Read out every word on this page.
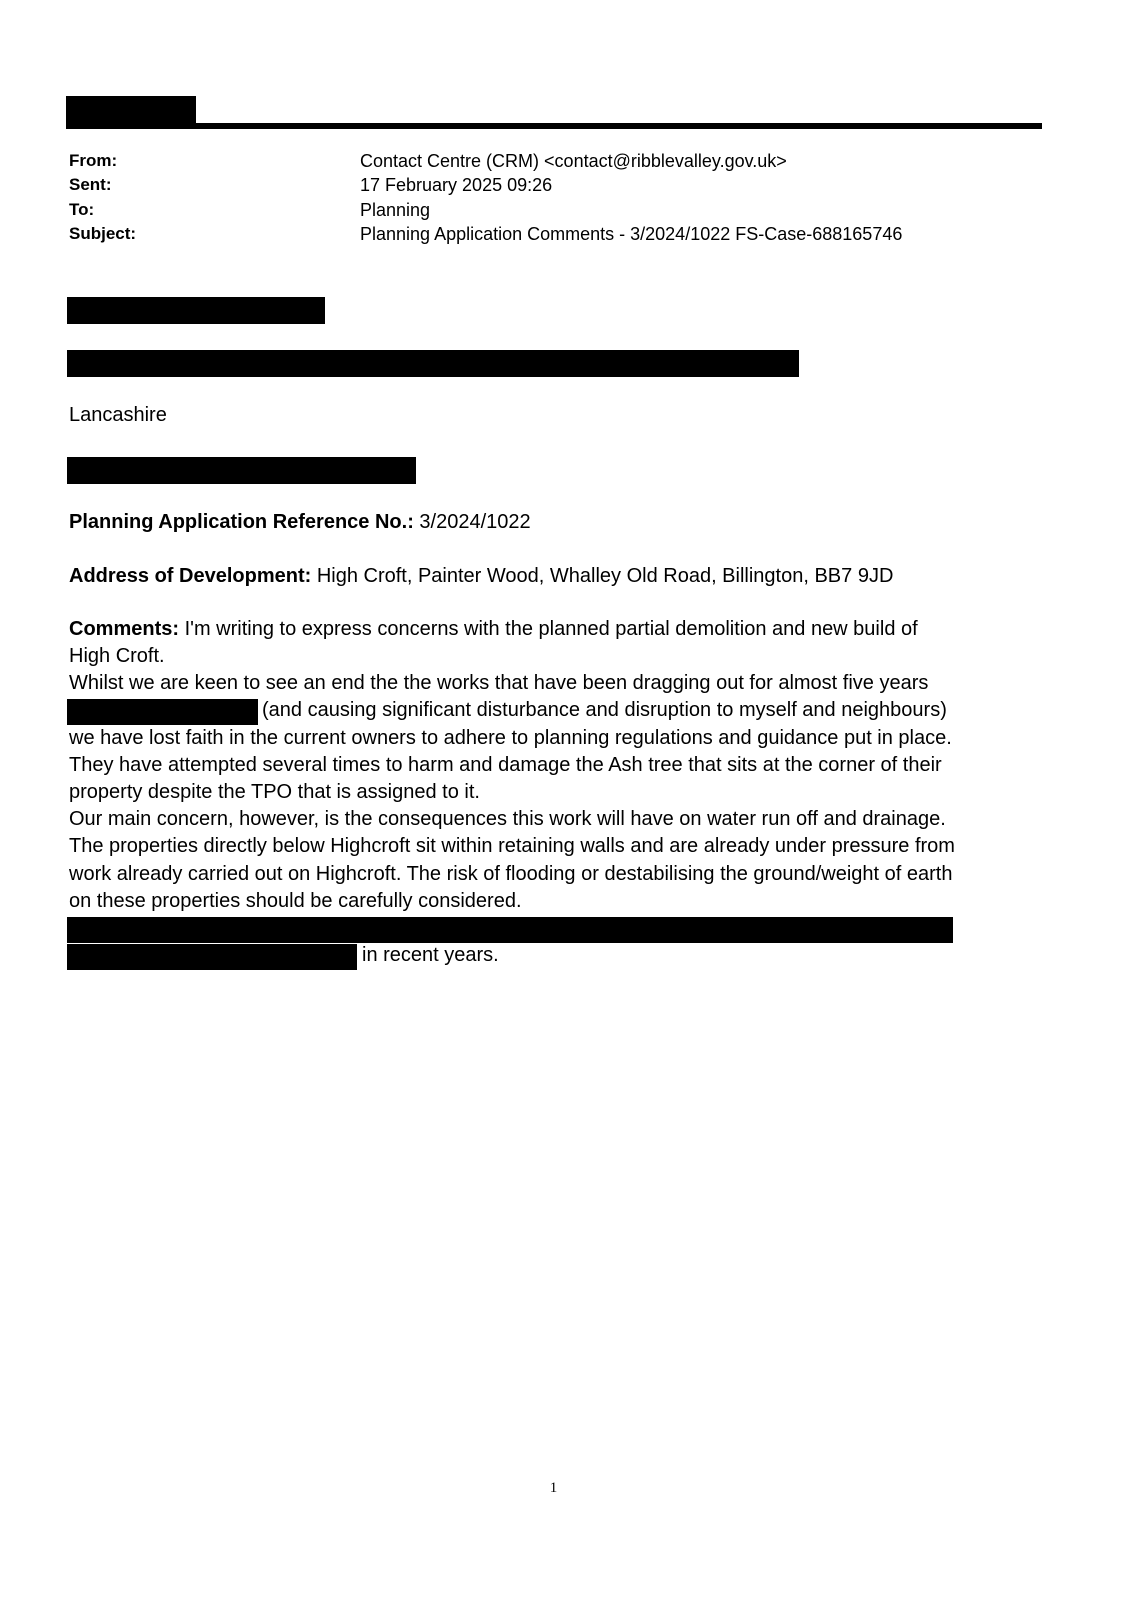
From:	Contact Centre (CRM) <contact@ribblevalley.gov.uk>
Sent:	17 February 2025 09:26
To:	Planning
Subject:	Planning Application Comments - 3/2024/1022 FS-Case-688165746
Lancashire
Planning Application Reference No.: 3/2024/1022
Address of Development: High Croft, Painter Wood, Whalley Old Road, Billington, BB7 9JD
Comments: I'm writing to express concerns with the planned partial demolition and new build of
High Croft.
Whilst we are keen to see an end the the works that have been dragging out for almost five years
(and causing significant disturbance and disruption to myself and neighbours)
we have lost faith in the current owners to adhere to planning regulations and guidance put in place.
They have attempted several times to harm and damage the Ash tree that sits at the corner of their
property despite the TPO that is assigned to it.
Our main concern, however, is the consequences this work will have on water run off and drainage.
The properties directly below Highcroft sit within retaining walls and are already under pressure from
work already carried out on Highcroft. The risk of flooding or destabilising the ground/weight of earth
on these properties should be carefully considered.
in recent years.
1
